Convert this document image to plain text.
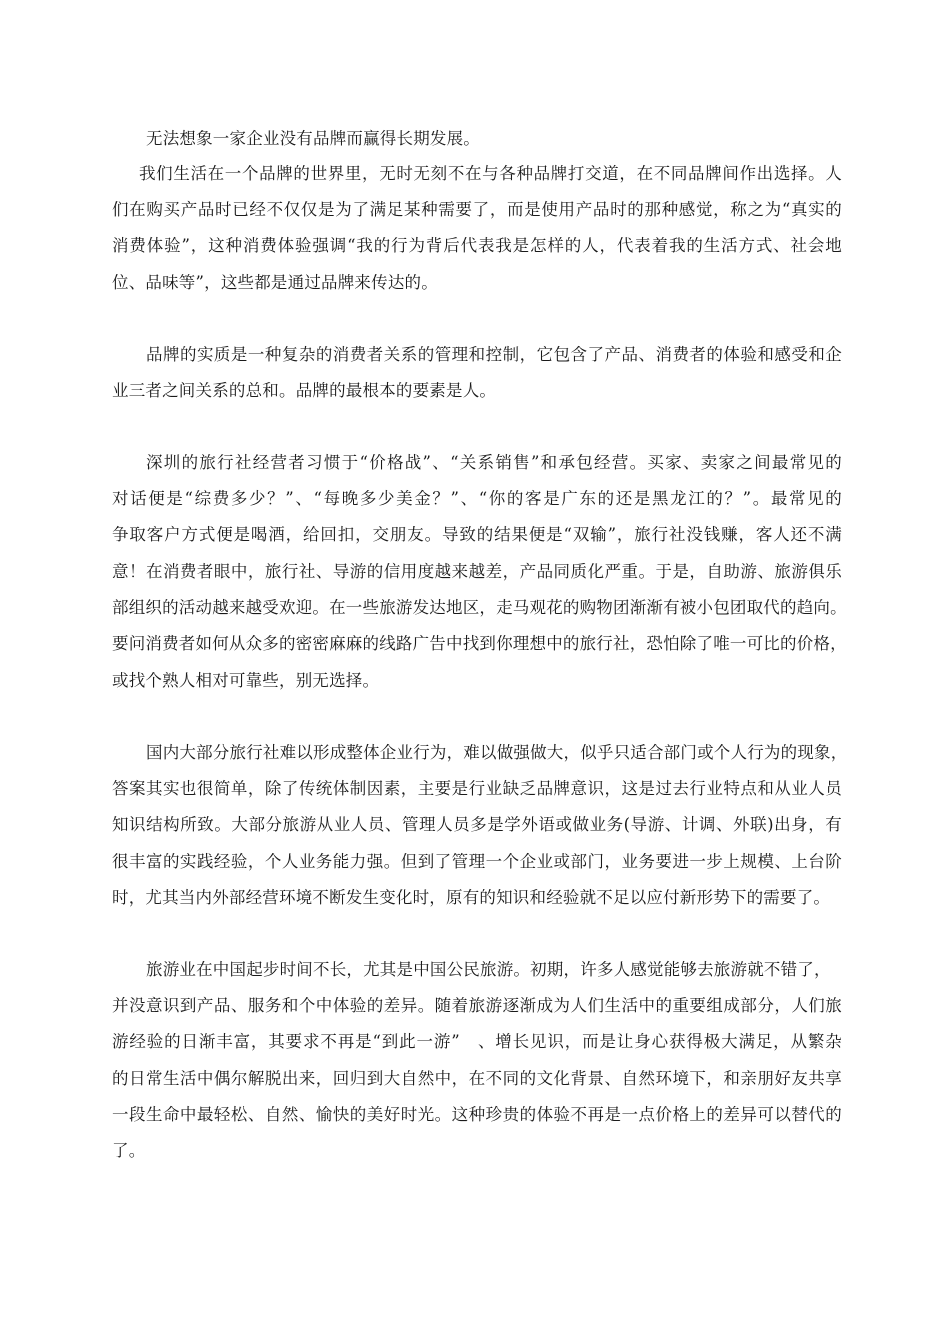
无法想象一家企业没有品牌而赢得长期发展。
我们生活在一个品牌的世界里，无时无刻不在与各种品牌打交道，在不同品牌间作出选择。人
们在购买产品时已经不仅仅是为了满足某种需要了，而是使用产品时的那种感觉，称之为“真实的
消费体验”，这种消费体验强调“我的行为背后代表我是怎样的人，代表着我的生活方式、社会地
位、品味等”，这些都是通过品牌来传达的。
品牌的实质是一种复杂的消费者关系的管理和控制，它包含了产品、消费者的体验和感受和企
业三者之间关系的总和。品牌的最根本的要素是人。
深圳的旅行社经营者习惯于“价格战”、“关系销售”和承包经营。买家、卖家之间最常见的
对话便是“综费多少？”、“每晚多少美金？”、“你的客是广东的还是黑龙江的？”。最常见的
争取客户方式便是喝酒，给回扣，交朋友。导致的结果便是“双输”，旅行社没钱赚，客人还不满
意！在消费者眼中，旅行社、导游的信用度越来越差，产品同质化严重。于是，自助游、旅游俱乐
部组织的活动越来越受欢迎。在一些旅游发达地区，走马观花的购物团渐渐有被小包团取代的趋向。
要问消费者如何从众多的密密麻麻的线路广告中找到你理想中的旅行社，恐怕除了唯一可比的价格，
或找个熟人相对可靠些，别无选择。
国内大部分旅行社难以形成整体企业行为，难以做强做大，似乎只适合部门或个人行为的现象，
答案其实也很简单，除了传统体制因素，主要是行业缺乏品牌意识，这是过去行业特点和从业人员
知识结构所致。大部分旅游从业人员、管理人员多是学外语或做业务(导游、计调、外联)出身，有
很丰富的实践经验，个人业务能力强。但到了管理一个企业或部门，业务要进一步上规模、上台阶
时，尤其当内外部经营环境不断发生变化时，原有的知识和经验就不足以应付新形势下的需要了。
旅游业在中国起步时间不长，尤其是中国公民旅游。初期，许多人感觉能够去旅游就不错了，
并没意识到产品、服务和个中体验的差异。随着旅游逐渐成为人们生活中的重要组成部分，人们旅
游经验的日渐丰富，其要求不再是“到此一游”　、增长见识，而是让身心获得极大满足，从繁杂
的日常生活中偶尔解脱出来，回归到大自然中，在不同的文化背景、自然环境下，和亲朋好友共享
一段生命中最轻松、自然、愉快的美好时光。这种珍贵的体验不再是一点价格上的差异可以替代的
了。
